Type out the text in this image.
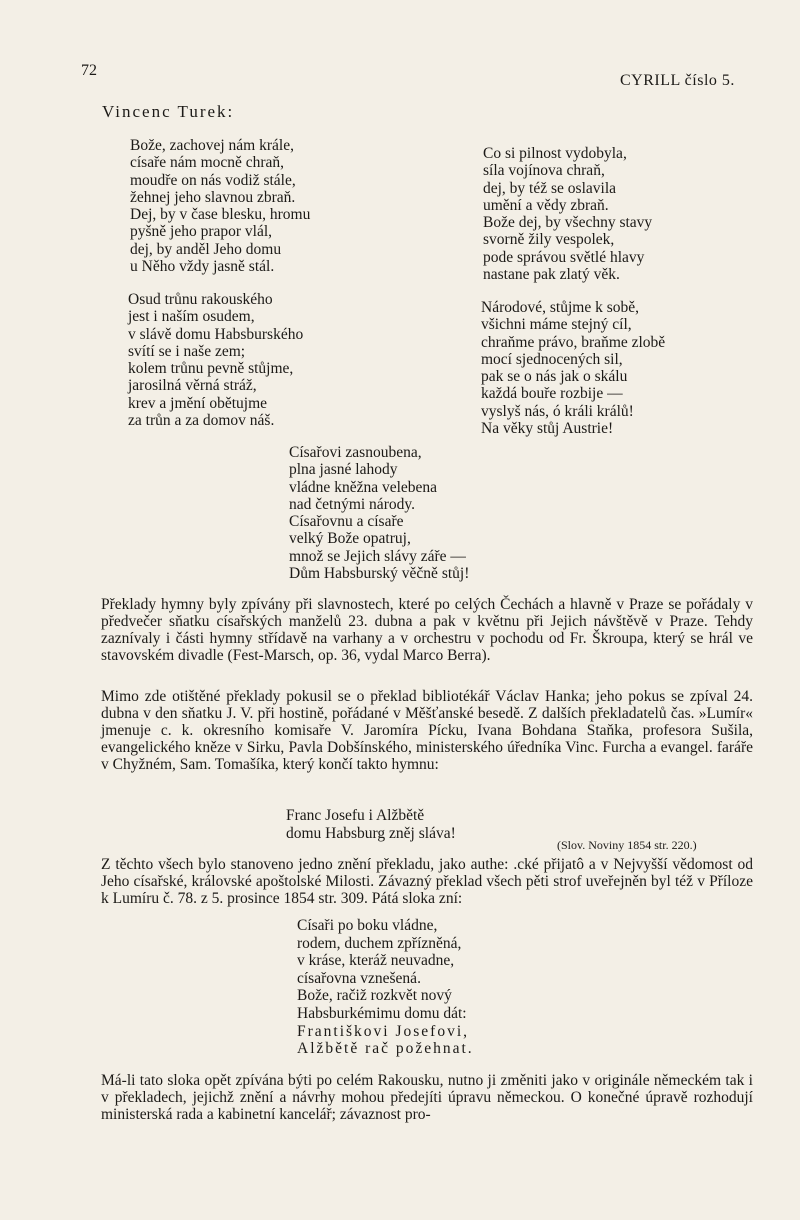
72
CYRILL číslo 5.
Vincenc Turek:
Bože, zachovej nám krále,
císaře nám mocně chraň,
moudře on nás vodiž stále,
žehnej jeho slavnou zbraň.
Dej, by v čase blesku, hromu
pyšně jeho prapor vlál,
dej, by anděl Jeho domu
u Něho vždy jasně stál.
Osud trůnu rakouského
jest i naším osudem,
v slávě domu Habsburského
svítí se i naše zem;
kolem trůnu pevně stůjme,
jarosilná věrná stráž,
krev a jmění obětujme
za trůn a za domov náš.
Co si pilnost vydobyla,
síla vojínova chraň,
dej, by též se oslavila
umění a vědy zbraň.
Bože dej, by všechny stavy
svorně žily vespolek,
pode správou světlé hlavy
nastane pak zlatý věk.
Národové, stůjme k sobě,
všichni máme stejný cíl,
chraňme právo, braňme zlobě
mocí sjednocených sil,
pak se o nás jak o skálu
každá bouře rozbije —
vyslyš nás, ó králi králů!
Na věky stůj Austrie!
Císařovi zasnoubena,
plna jasné lahody
vládne kněžna velebena
nad četnými národy.
Císařovnu a císaře
velký Bože opatruj,
množ se Jejich slávy záře —
Dům Habsburský věčně stůj!

Překlady hymny byly zpívány při slavnostech, které po celých Čechách a hlavně v Praze se pořádaly v předvečer sňatku císařských manželů 23. dubna a pak v květnu při Jejich návštěvě v Praze. Tehdy zaznívaly i části hymny střídavě na varhany a v orchestru v pochodu od Fr. Škroupa, který se hrál ve stavovském divadle (Fest-Marsch, op. 36, vydal Marco Berra).

Mimo zde otištěné překlady pokusil se o překlad bibliotékář Václav Hanka; jeho pokus se zpíval 24. dubna v den sňatku J. V. při hostině, pořádané v Měšťanské besedě. Z dalších překladatelů čas. »Lumír« jmenuje c. k. okresního komisaře V. Jaromíra Pícku, Ivana Bohdana Staňka, profesora Sušila, evangelického kněze v Sirku, Pavla Dobšínského, ministerského úředníka Vinc. Furcha a evangel. faráře v Chyžném, Sam. Tomašíka, který končí takto hymnu:

Franc Josefu i Alžbětě
domu Habsburg zněj sláva!
(Slov. Noviny 1854 str. 220.)

Z těchto všech bylo stanoveno jedno znění překladu, jako authe: .cké přijatô a v Nejvyšší vědomost od Jeho císařské, královské apoštolské Milosti. Závazný překlad všech pěti strof uveřejněn byl též v Příloze k Lumíru č. 78. z 5. prosince 1854 str. 309. Pátá sloka zní:

Císaři po boku vládne,
rodem, duchem zpřízněná,
v kráse, kteráž neuvadne,
císařovna vznešená.
Bože, račiž rozkvět nový
Habsburkémimu domu dát:
Františkovi Josefovi,
Alžbětě rač požehnat.

Má-li tato sloka opět zpívána býti po celém Rakousku, nutno ji změniti jako v originále německém tak i v překladech, jejichž znění a návrhy mohou předejíti úpravu německou. O konečné úpravě rozhodují ministerská rada a kabinetní kancelář; závaznost pro-
